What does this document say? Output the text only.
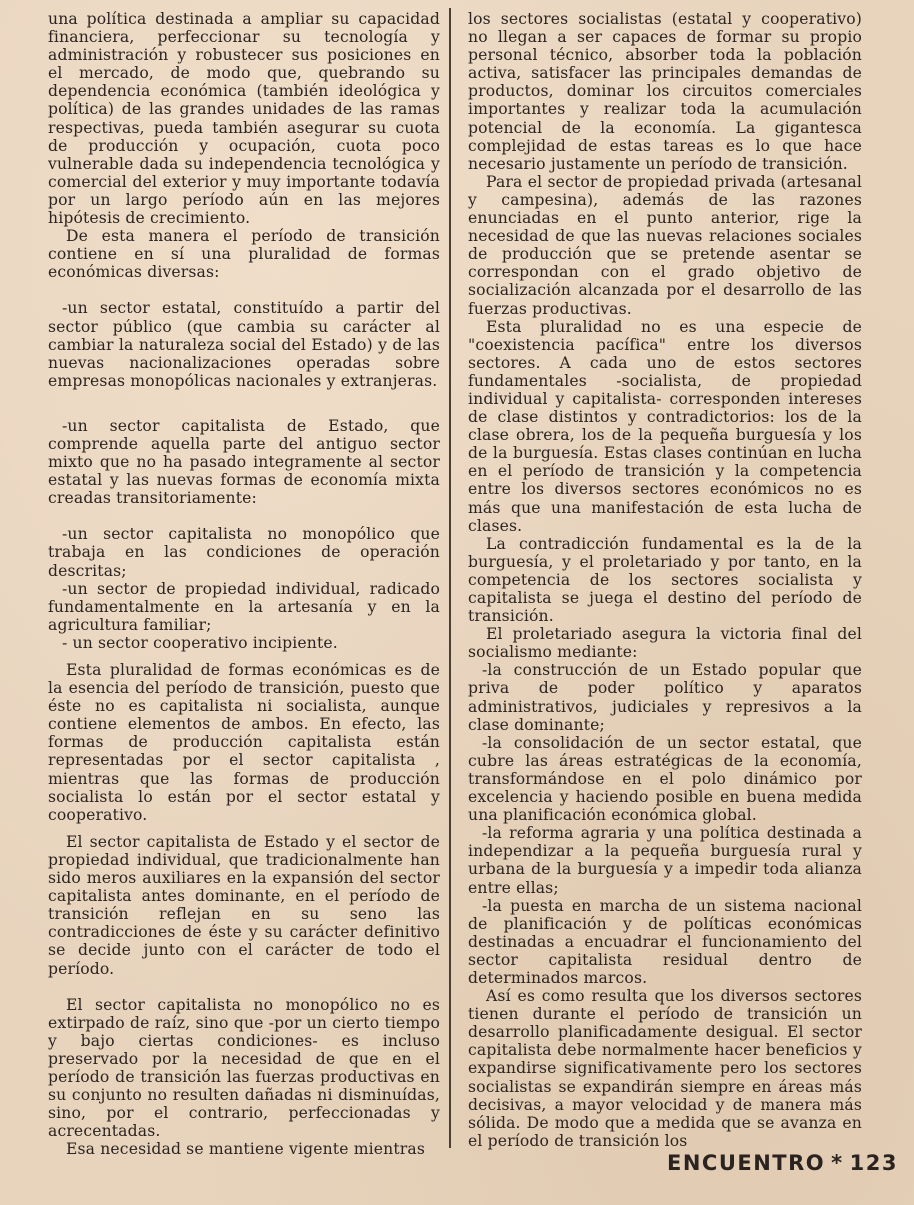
una política destinada a ampliar su capacidad financiera, perfeccionar su tecnología y administración y robustecer sus posiciones en el mercado, de modo que, quebrando su dependencia económica (también ideológica y política) de las grandes unidades de las ramas respectivas, pueda también asegurar su cuota de producción y ocupación, cuota poco vulnerable dada su independencia tecnológica y comercial del exterior y muy importante todavía por un largo período aún en las mejores hipótesis de crecimiento.

De esta manera el período de transición contiene en sí una pluralidad de formas económicas diversas:

-un sector estatal, constituído a partir del sector público (que cambia su carácter al cambiar la naturaleza social del Estado) y de las nuevas nacionalizaciones operadas sobre empresas monopólicas nacionales y extranjeras.

-un sector capitalista de Estado, que comprende aquella parte del antiguo sector mixto que no ha pasado integramente al sector estatal y las nuevas formas de economía mixta creadas transitoriamente:

-un sector capitalista no monopólico que trabaja en las condiciones de operación descritas;

-un sector de propiedad individual, radicado fundamentalmente en la artesanía y en la agricultura familiar;

- un sector cooperativo incipiente.

Esta pluralidad de formas económicas es de la esencia del período de transición, puesto que éste no es capitalista ni socialista, aunque contiene elementos de ambos. En efecto, las formas de producción capitalista están representadas por el sector capitalista , mientras que las formas de producción socialista lo están por el sector estatal y cooperativo.

El sector capitalista de Estado y el sector de propiedad individual, que tradicionalmente han sido meros auxiliares en la expansión del sector capitalista antes dominante, en el período de transición reflejan en su seno las contradicciones de éste y su carácter definitivo se decide junto con el carácter de todo el período.

El sector capitalista no monopólico no es extirpado de raíz, sino que -por un cierto tiempo y bajo ciertas condiciones- es incluso preservado por la necesidad de que en el período de transición las fuerzas productivas en su conjunto no resulten dañadas ni disminuídas, sino, por el contrario, perfeccionadas y acrecentadas.

Esa necesidad se mantiene vigente mientras

los sectores socialistas (estatal y cooperativo) no llegan a ser capaces de formar su propio personal técnico, absorber toda la población activa, satisfacer las principales demandas de productos, dominar los circuitos comerciales importantes y realizar toda la acumulación potencial de la economía. La gigantesca complejidad de estas tareas es lo que hace necesario justamente un período de transición.

Para el sector de propiedad privada (artesanal y campesina), además de las razones enunciadas en el punto anterior, rige la necesidad de que las nuevas relaciones sociales de producción que se pretende asentar se correspondan con el grado objetivo de socialización alcanzada por el desarrollo de las fuerzas productivas.

Esta pluralidad no es una especie de "coexistencia pacífica" entre los diversos sectores. A cada uno de estos sectores fundamentales -socialista, de propiedad individual y capitalista- corresponden intereses de clase distintos y contradictorios: los de la clase obrera, los de la pequeña burguesía y los de la burguesía. Estas clases continúan en lucha en el período de transición y la competencia entre los diversos sectores económicos no es más que una manifestación de esta lucha de clases.

La contradicción fundamental es la de la burguesía, y el proletariado y por tanto, en la competencia de los sectores socialista y capitalista se juega el destino del período de transición.

El proletariado asegura la victoria final del socialismo mediante:

-la construcción de un Estado popular que priva de poder político y aparatos administrativos, judiciales y represivos a la clase dominante;

-la consolidación de un sector estatal, que cubre las áreas estratégicas de la economía, transformándose en el polo dinámico por excelencia y haciendo posible en buena medida una planificación económica global.

-la reforma agraria y una política destinada a independizar a la pequeña burguesía rural y urbana de la burguesía y a impedir toda alianza entre ellas;

-la puesta en marcha de un sistema nacional de planificación y de políticas económicas destinadas a encuadrar el funcionamiento del sector capitalista residual dentro de determinados marcos.

Así es como resulta que los diversos sectores tienen durante el período de transición un desarrollo planificadamente desigual. El sector capitalista debe normalmente hacer beneficios y expandirse significativamente pero los sectores socialistas se expandirán siempre en áreas más decisivas, a mayor velocidad y de manera más sólida. De modo que a medida que se avanza en el período de transición los

ENCUENTRO * 123
